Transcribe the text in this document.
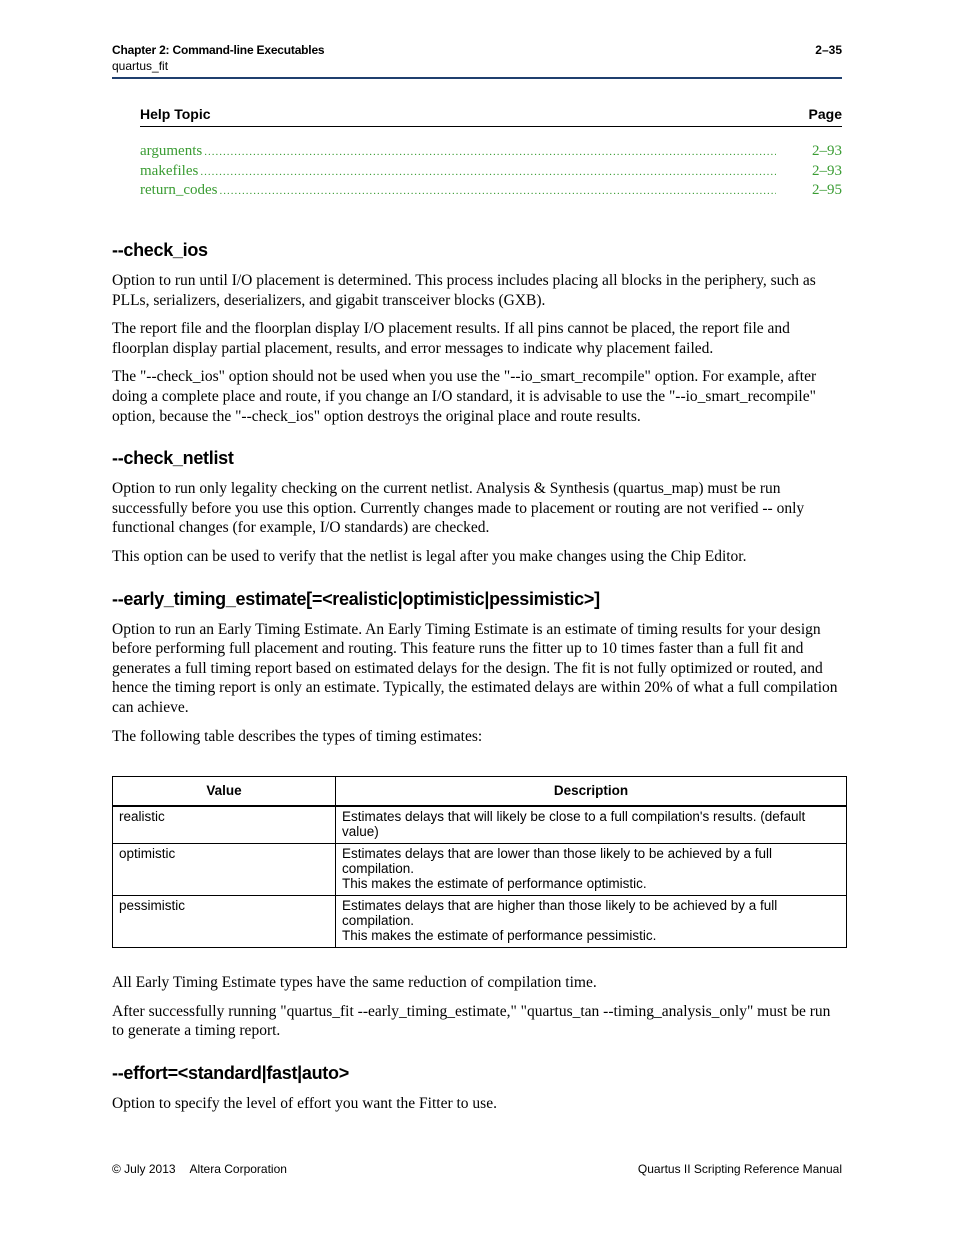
Chapter 2: Command-line Executables
quartus_fit
2–35
Help Topic	Page
arguments .....	2–93
makefiles .....	2–93
return_codes .....	2–95
--check_ios

Option to run until I/O placement is determined. This process includes placing all blocks in the periphery, such as PLLs, serializers, deserializers, and gigabit transceiver blocks (GXB).

The report file and the floorplan display I/O placement results. If all pins cannot be placed, the report file and floorplan display partial placement, results, and error messages to indicate why placement failed.

The "--check_ios" option should not be used when you use the "--io_smart_recompile" option. For example, after doing a complete place and route, if you change an I/O standard, it is advisable to use the "--io_smart_recompile" option, because the "--check_ios" option destroys the original place and route results.

--check_netlist

Option to run only legality checking on the current netlist. Analysis & Synthesis (quartus_map) must be run successfully before you use this option. Currently changes made to placement or routing are not verified -- only functional changes (for example, I/O standards) are checked.

This option can be used to verify that the netlist is legal after you make changes using the Chip Editor.

--early_timing_estimate[=<realistic|optimistic|pessimistic>]

Option to run an Early Timing Estimate. An Early Timing Estimate is an estimate of timing results for your design before performing full placement and routing. This feature runs the fitter up to 10 times faster than a full fit and generates a full timing report based on estimated delays for the design. The fit is not fully optimized or routed, and hence the timing report is only an estimate. Typically, the estimated delays are within 20% of what a full compilation can achieve.

The following table describes the types of timing estimates:

Value	Description
realistic	Estimates delays that will likely be close to a full compilation's results. (default value)

optimistic	Estimates delays that are lower than those likely to be achieved by a full compilation.
This makes the estimate of performance optimistic.

pessimistic	Estimates delays that are higher than those likely to be achieved by a full compilation.
This makes the estimate of performance pessimistic.

All Early Timing Estimate types have the same reduction of compilation time.

After successfully running "quartus_fit --early_timing_estimate," "quartus_tan --timing_analysis_only" must be run to generate a timing report.

--effort=<standard|fast|auto>

Option to specify the level of effort you want the Fitter to use.

© July 2013 Altera Corporation	Quartus II Scripting Reference Manual
